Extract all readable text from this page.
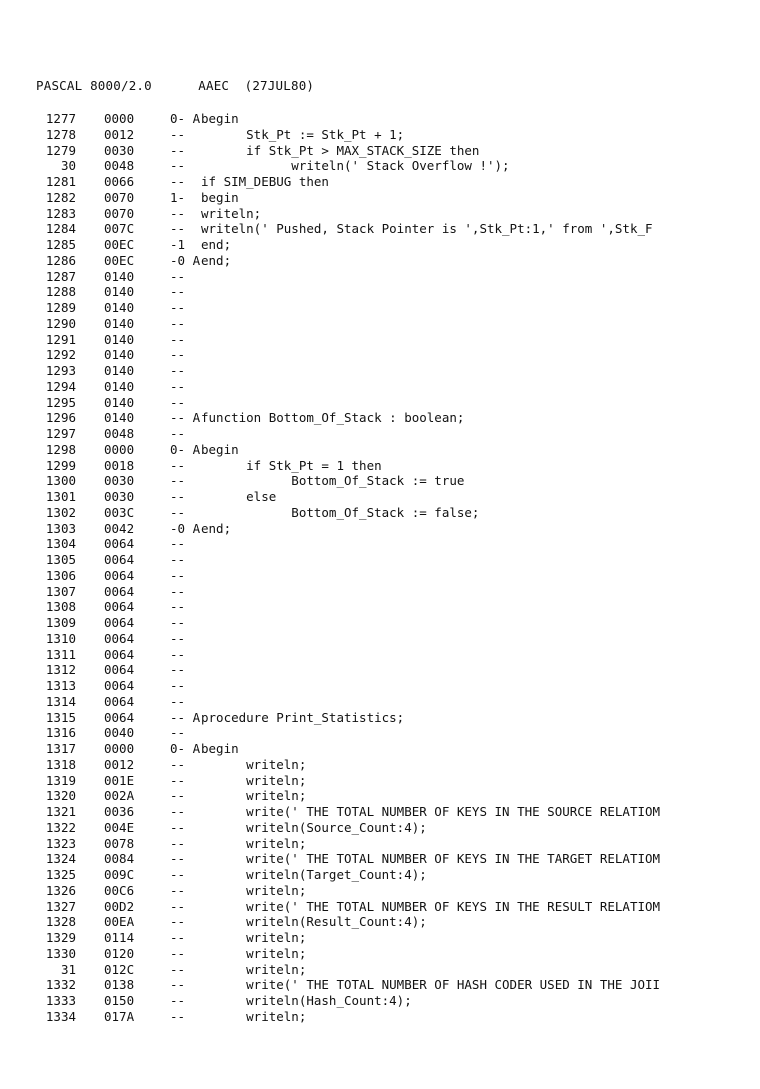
PASCAL 8000/2.0	AAEC (27JUL80)
1277 0000	0- A begin
1278 0012	-- Stk_Pt := Stk_Pt + 1;
1279 0030	-- if Stk_Pt > MAX_STACK_SIZE then
30 0048	-- writeln(' Stack Overflow !');
1281 0066	-- if SIM_DEBUG then
1282 0070	1- begin
1283 0070	-- writeln;
1284 007C	-- writeln(' Pushed, Stack Pointer is ',Stk_Pt:1,' from ',Stk_F
1285 00EC	-1 end;
1286 00EC	-0 A end;
1287 0140	--
1288 0140	--
1289 0140	--
1290 0140	--
1291 0140	--
1292 0140	--
1293 0140	--
1294 0140	--
1295 0140	--
1296 0140	-- A function Bottom_Of_Stack : boolean;
1297 0048	--
1298 0000	0- A begin
1299 0018	-- if Stk_Pt = 1 then
1300 0030	-- Bottom_Of_Stack := true
1301 0030	-- else
1302 003C	-- Bottom_Of_Stack := false;
1303 0042	-0 A end;
1304 0064	--
1305 0064	--
1306 0064	--
1307 0064	--
1308 0064	--
1309 0064	--
1310 0064	--
1311 0064	--
1312 0064	--
1313 0064	--
1314 0064	--
1315 0064	-- A procedure Print_Statistics;
1316 0040	--
1317 0000	0- A begin
1318 0012	-- writeln;
1319 001E	-- writeln;
1320 002A	-- writeln;
1321 0036	-- write(' THE TOTAL NUMBER OF KEYS IN THE SOURCE RELATIOM
1322 004E	-- writeln(Source_Count:4);
1323 0078	-- writeln;
1324 0084	-- write(' THE TOTAL NUMBER OF KEYS IN THE TARGET RELATIOM
1325 009C	-- writeln(Target_Count:4);
1326 00C6	-- writeln;
1327 00D2	-- write(' THE TOTAL NUMBER OF KEYS IN THE RESULT RELATIOM
1328 00EA	-- writeln(Result_Count:4);
1329 0114	-- writeln;
1330 0120	-- writeln;
31 012C	-- writeln;
1332 0138	-- write(' THE TOTAL NUMBER OF HASH CODER USED IN THE JOII
1333 0150	-- writeln(Hash_Count:4);
1334 017A	-- writeln;
